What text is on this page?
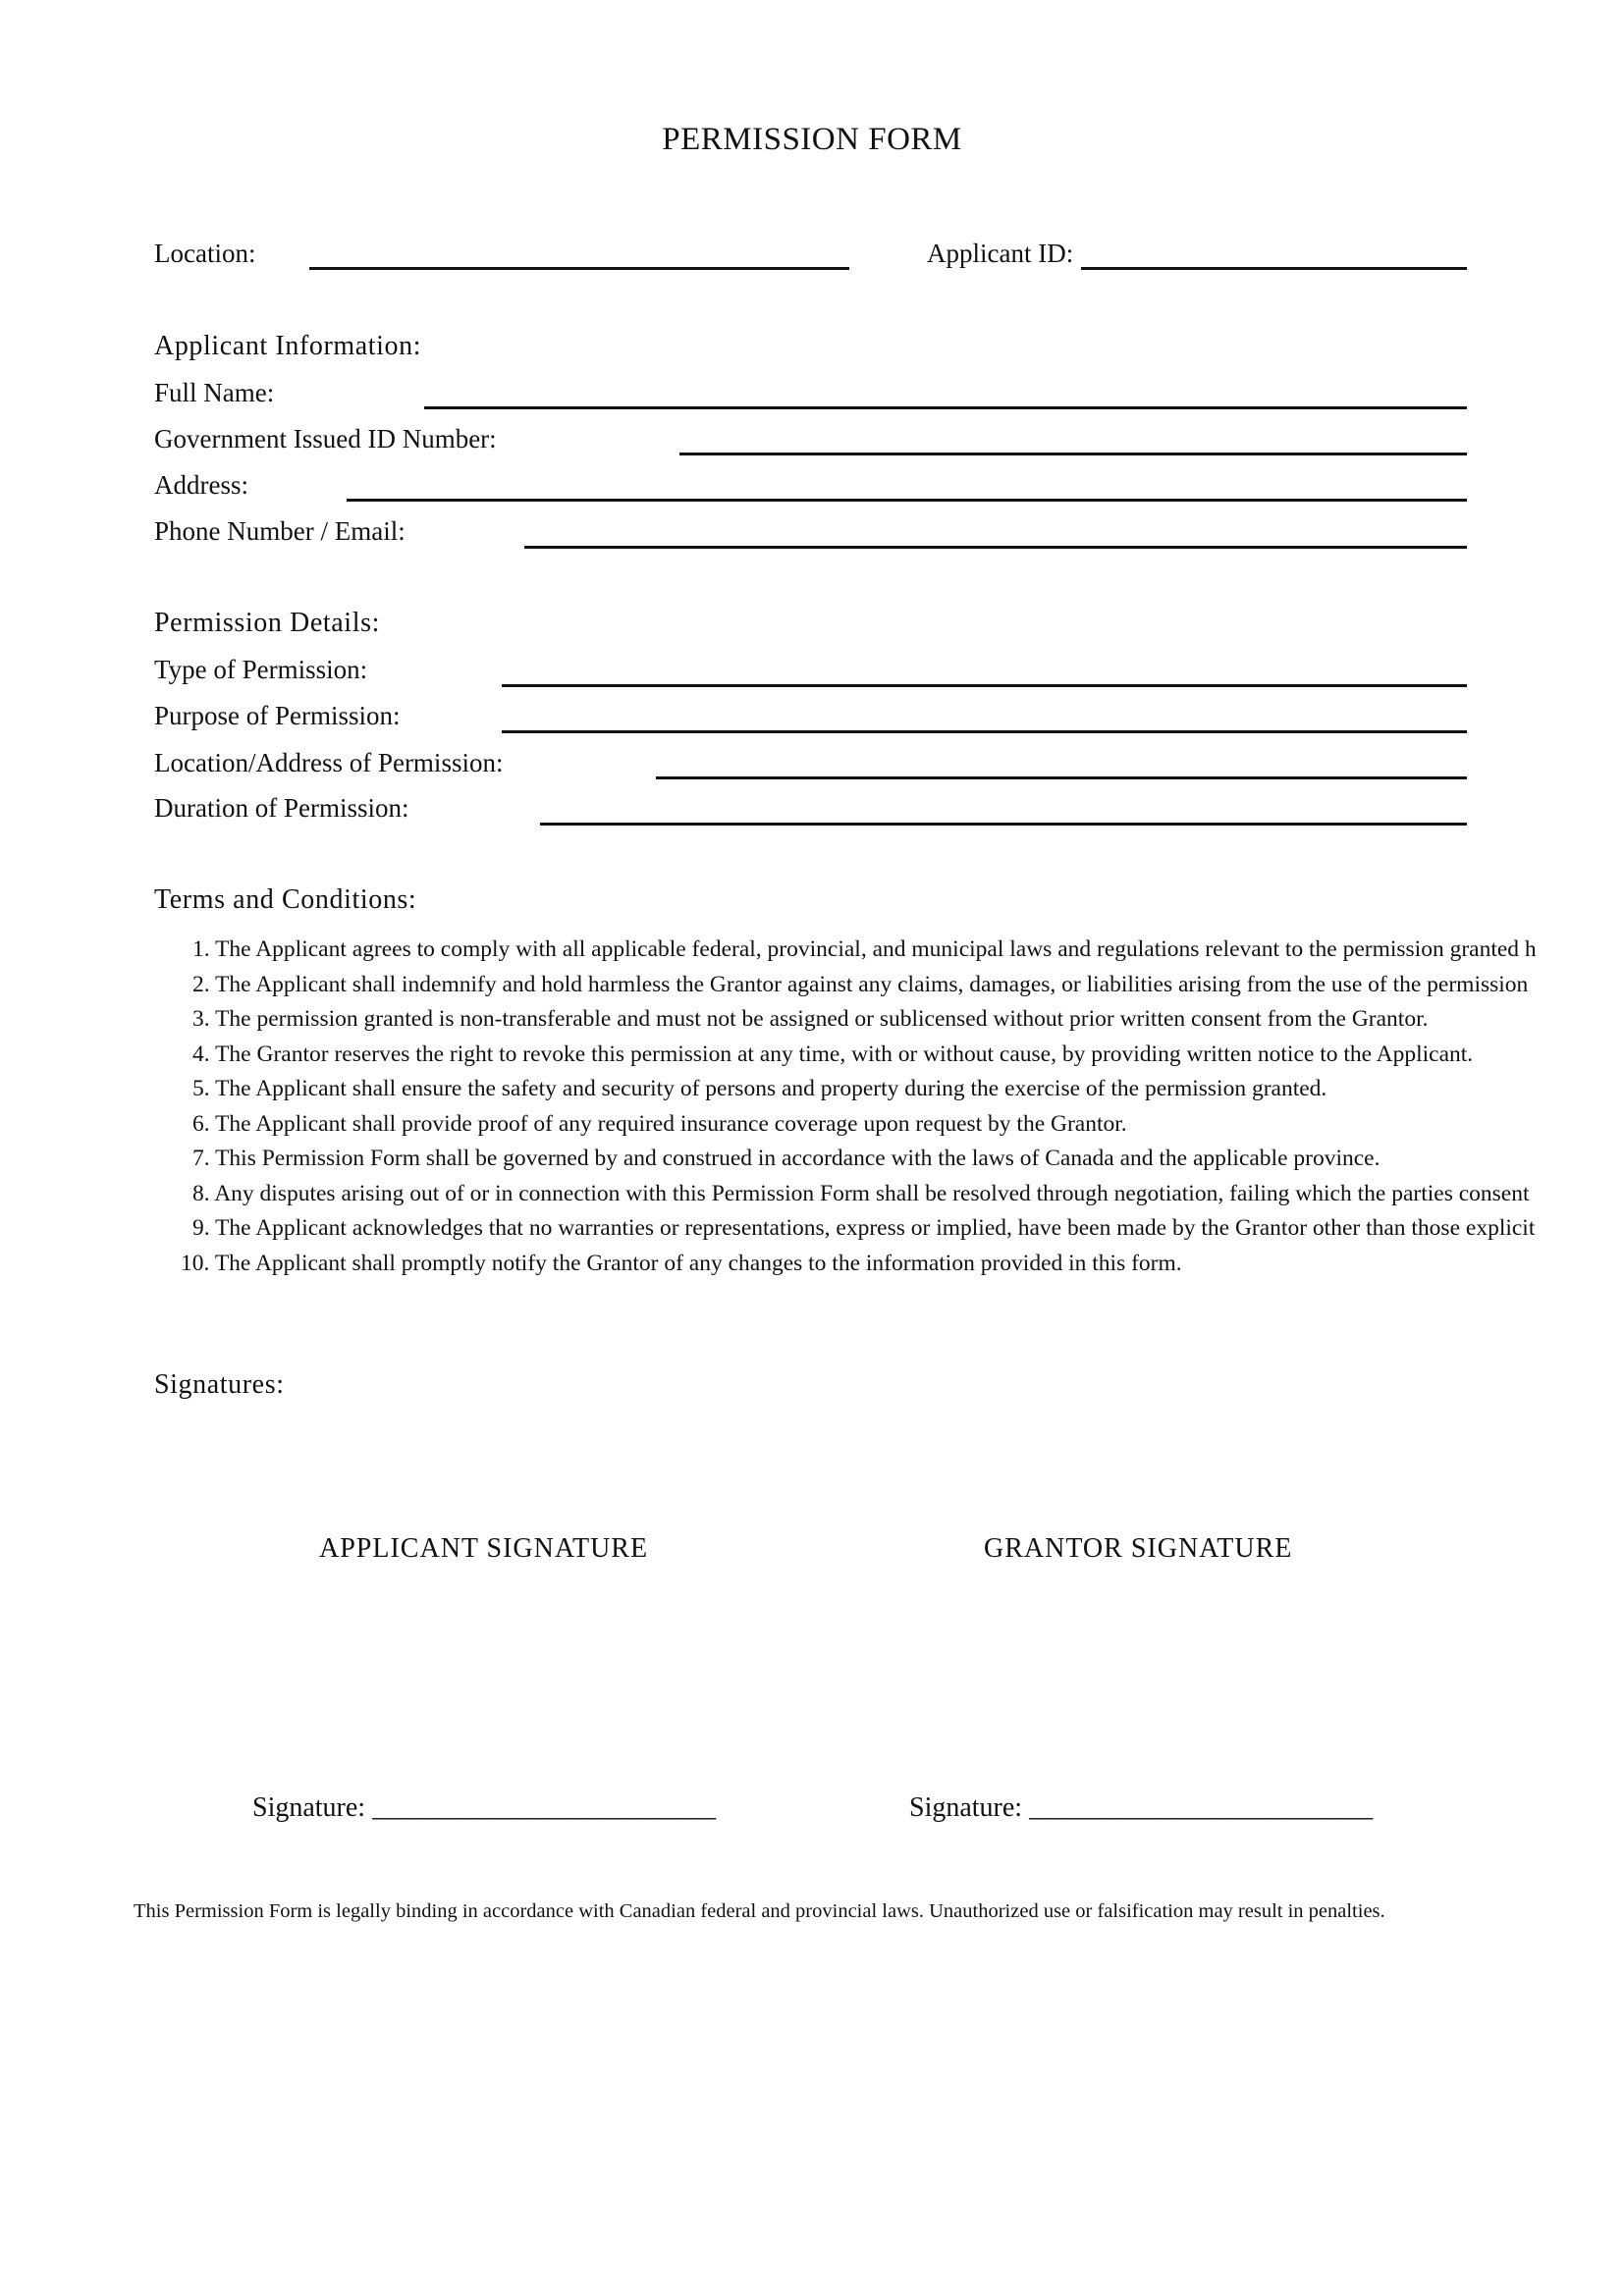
PERMISSION FORM
Location:	Applicant ID:
Applicant Information:
Full Name:
Government Issued ID Number:
Address:
Phone Number / Email:
Permission Details:
Type of Permission:
Purpose of Permission:
Location/Address of Permission:
Duration of Permission:
Terms and Conditions:
1. The Applicant agrees to comply with all applicable federal, provincial, and municipal laws and regulations relevant to the permission granted h
2. The Applicant shall indemnify and hold harmless the Grantor against any claims, damages, or liabilities arising from the use of the permission
3. The permission granted is non-transferable and must not be assigned or sublicensed without prior written consent from the Grantor.
4. The Grantor reserves the right to revoke this permission at any time, with or without cause, by providing written notice to the Applicant.
5. The Applicant shall ensure the safety and security of persons and property during the exercise of the permission granted.
6. The Applicant shall provide proof of any required insurance coverage upon request by the Grantor.
7. This Permission Form shall be governed by and construed in accordance with the laws of Canada and the applicable province.
8. Any disputes arising out of or in connection with this Permission Form shall be resolved through negotiation, failing which the parties consent
9. The Applicant acknowledges that no warranties or representations, express or implied, have been made by the Grantor other than those explicit
10. The Applicant shall promptly notify the Grantor of any changes to the information provided in this form.
Signatures:
APPLICANT SIGNATURE	GRANTOR SIGNATURE
Signature: _________________________	Signature: _________________________
This Permission Form is legally binding in accordance with Canadian federal and provincial laws. Unauthorized use or falsification may result in penalties.
